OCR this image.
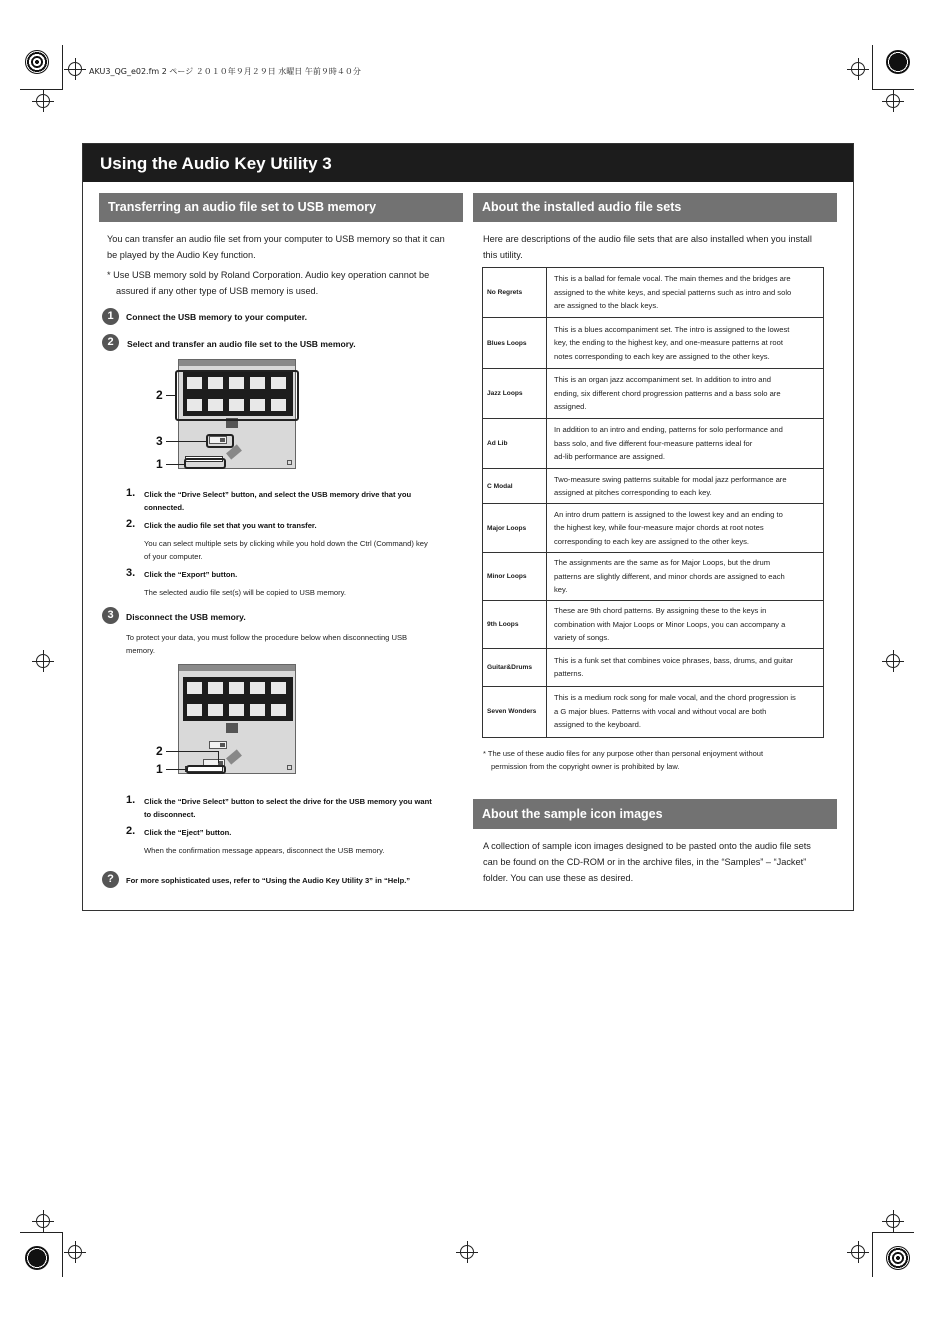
AKU3_QG_e02.fm 2 ページ ２０１０年９月２９日 水曜日 午前９時４０分
Using the Audio Key Utility 3
Transferring an audio file set to USB memory
You can transfer an audio file set from your computer to USB memory so that it can
be played by the Audio Key function.
* Use USB memory sold by Roland Corporation. Audio key operation cannot be
assured if any other type of USB memory is used.
1	Connect the USB memory to your computer.
2	Select and transfer an audio file set to the USB memory.
2
3
1
1. Click the “Drive Select” button, and select the USB memory drive that you
connected.
2. Click the audio file set that you want to transfer.
You can select multiple sets by clicking while you hold down the Ctrl (Command) key
of your computer.
3. Click the “Export” button.
The selected audio file set(s) will be copied to USB memory.
3	Disconnect the USB memory.
To protect your data, you must follow the procedure below when disconnecting USB
memory.
2
1
1. Click the “Drive Select” button to select the drive for the USB memory you want
to disconnect.
2. Click the “Eject” button.
When the confirmation message appears, disconnect the USB memory.
?	For more sophisticated uses, refer to “Using the Audio Key Utility 3” in “Help.”
About the installed audio file sets
Here are descriptions of the audio file sets that are also installed when you install
this utility.
No Regrets	This is a ballad for female vocal. The main themes and the bridges are
assigned to the white keys, and special patterns such as intro and solo
are assigned to the black keys.

Blues Loops	This is a blues accompaniment set. The intro is assigned to the lowest
key, the ending to the highest key, and one-measure patterns at root
notes corresponding to each key are assigned to the other keys.

Jazz Loops	This is an organ jazz accompaniment set. In addition to intro and
ending, six different chord progression patterns and a bass solo are
assigned.

Ad Lib	In addition to an intro and ending, patterns for solo performance and
bass solo, and five different four-measure patterns ideal for
ad-lib performance are assigned.

C Modal	Two-measure swing patterns suitable for modal jazz performance are
assigned at pitches corresponding to each key.

Major Loops	An intro drum pattern is assigned to the lowest key and an ending to
the highest key, while four-measure major chords at root notes
corresponding to each key are assigned to the other keys.

Minor Loops	The assignments are the same as for Major Loops, but the drum
patterns are slightly different, and minor chords are assigned to each
key.

9th Loops	These are 9th chord patterns. By assigning these to the keys in
combination with Major Loops or Minor Loops, you can accompany a
variety of songs.

Guitar&Drums	This is a funk set that combines voice phrases, bass, drums, and guitar
patterns.

Seven Wonders	This is a medium rock song for male vocal, and the chord progression is
a G major blues. Patterns with vocal and without vocal are both
assigned to the keyboard.
* The use of these audio files for any purpose other than personal enjoyment without
permission from the copyright owner is prohibited by law.
About the sample icon images
A collection of sample icon images designed to be pasted onto the audio file sets
can be found on the CD-ROM or in the archive files, in the “Samples” – “Jacket”
folder. You can use these as desired.
